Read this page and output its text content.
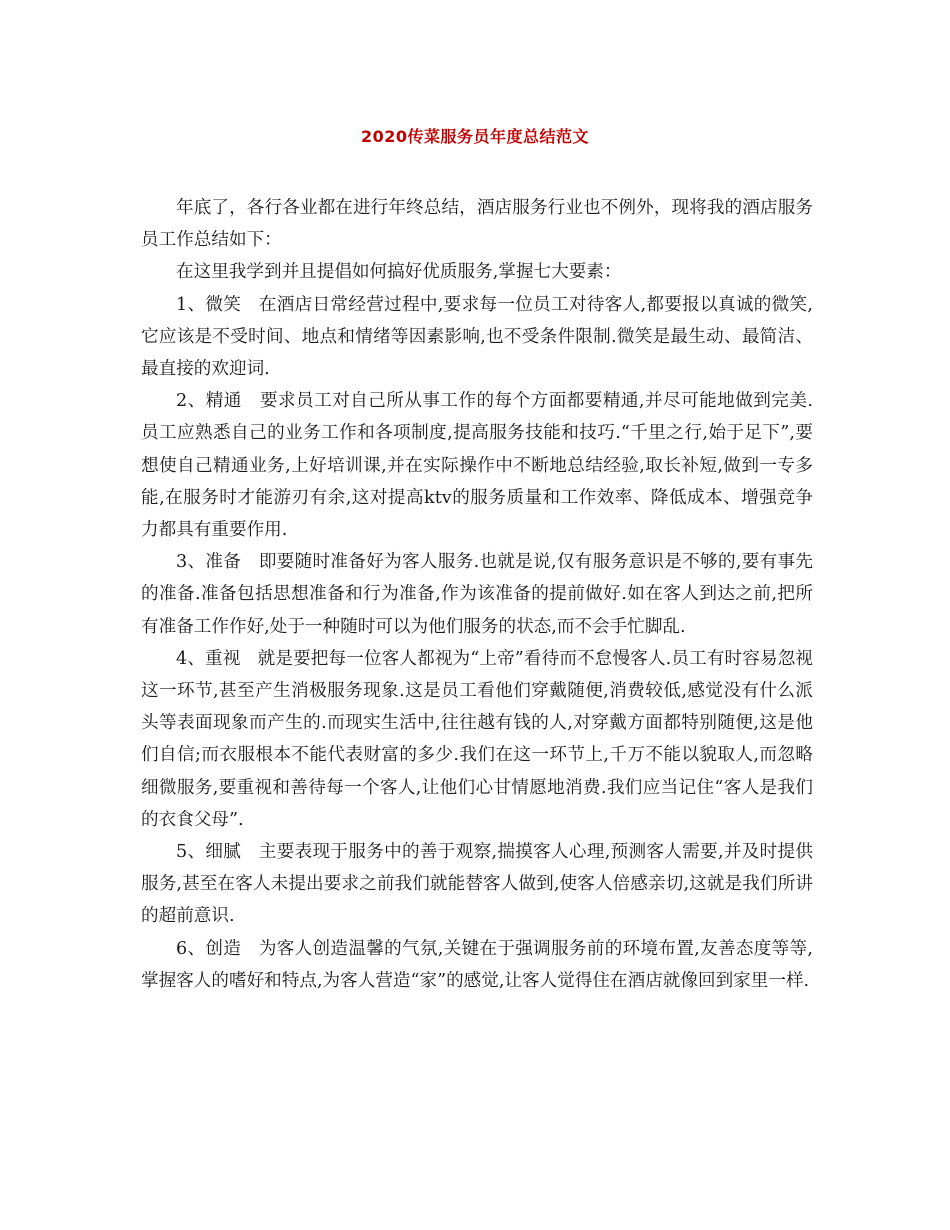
2020传菜服务员年度总结范文

年底了，各行各业都在进行年终总结，酒店服务行业也不例外，现将我的酒店服务员工作总结如下：

在这里我学到并且提倡如何搞好优质服务,掌握七大要素：

1、微笑 在酒店日常经营过程中,要求每一位员工对待客人,都要报以真诚的微笑,它应该是不受时间、地点和情绪等因素影响,也不受条件限制.微笑是最生动、最简洁、最直接的欢迎词.

2、精通 要求员工对自己所从事工作的每个方面都要精通,并尽可能地做到完美.员工应熟悉自己的业务工作和各项制度,提高服务技能和技巧.“千里之行,始于足下”,要想使自己精通业务,上好培训课,并在实际操作中不断地总结经验,取长补短,做到一专多能,在服务时才能游刃有余,这对提高ktv的服务质量和工作效率、降低成本、增强竞争力都具有重要作用.

3、准备 即要随时准备好为客人服务.也就是说,仅有服务意识是不够的,要有事先的准备.准备包括思想准备和行为准备,作为该准备的提前做好.如在客人到达之前,把所有准备工作作好,处于一种随时可以为他们服务的状态,而不会手忙脚乱.

4、重视 就是要把每一位客人都视为“上帝”看待而不怠慢客人.员工有时容易忽视这一环节,甚至产生消极服务现象.这是员工看他们穿戴随便,消费较低,感觉没有什么派头等表面现象而产生的.而现实生活中,往往越有钱的人,对穿戴方面都特别随便,这是他们自信;而衣服根本不能代表财富的多少.我们在这一环节上,千万不能以貌取人,而忽略细微服务,要重视和善待每一个客人,让他们心甘情愿地消费.我们应当记住“客人是我们的衣食父母”.

5、细腻 主要表现于服务中的善于观察,揣摸客人心理,预测客人需要,并及时提供服务,甚至在客人未提出要求之前我们就能替客人做到,使客人倍感亲切,这就是我们所讲的超前意识.

6、创造 为客人创造温馨的气氛,关键在于强调服务前的环境布置,友善态度等等,掌握客人的嗜好和特点,为客人营造“家”的感觉,让客人觉得住在酒店就像回到家里一样.
